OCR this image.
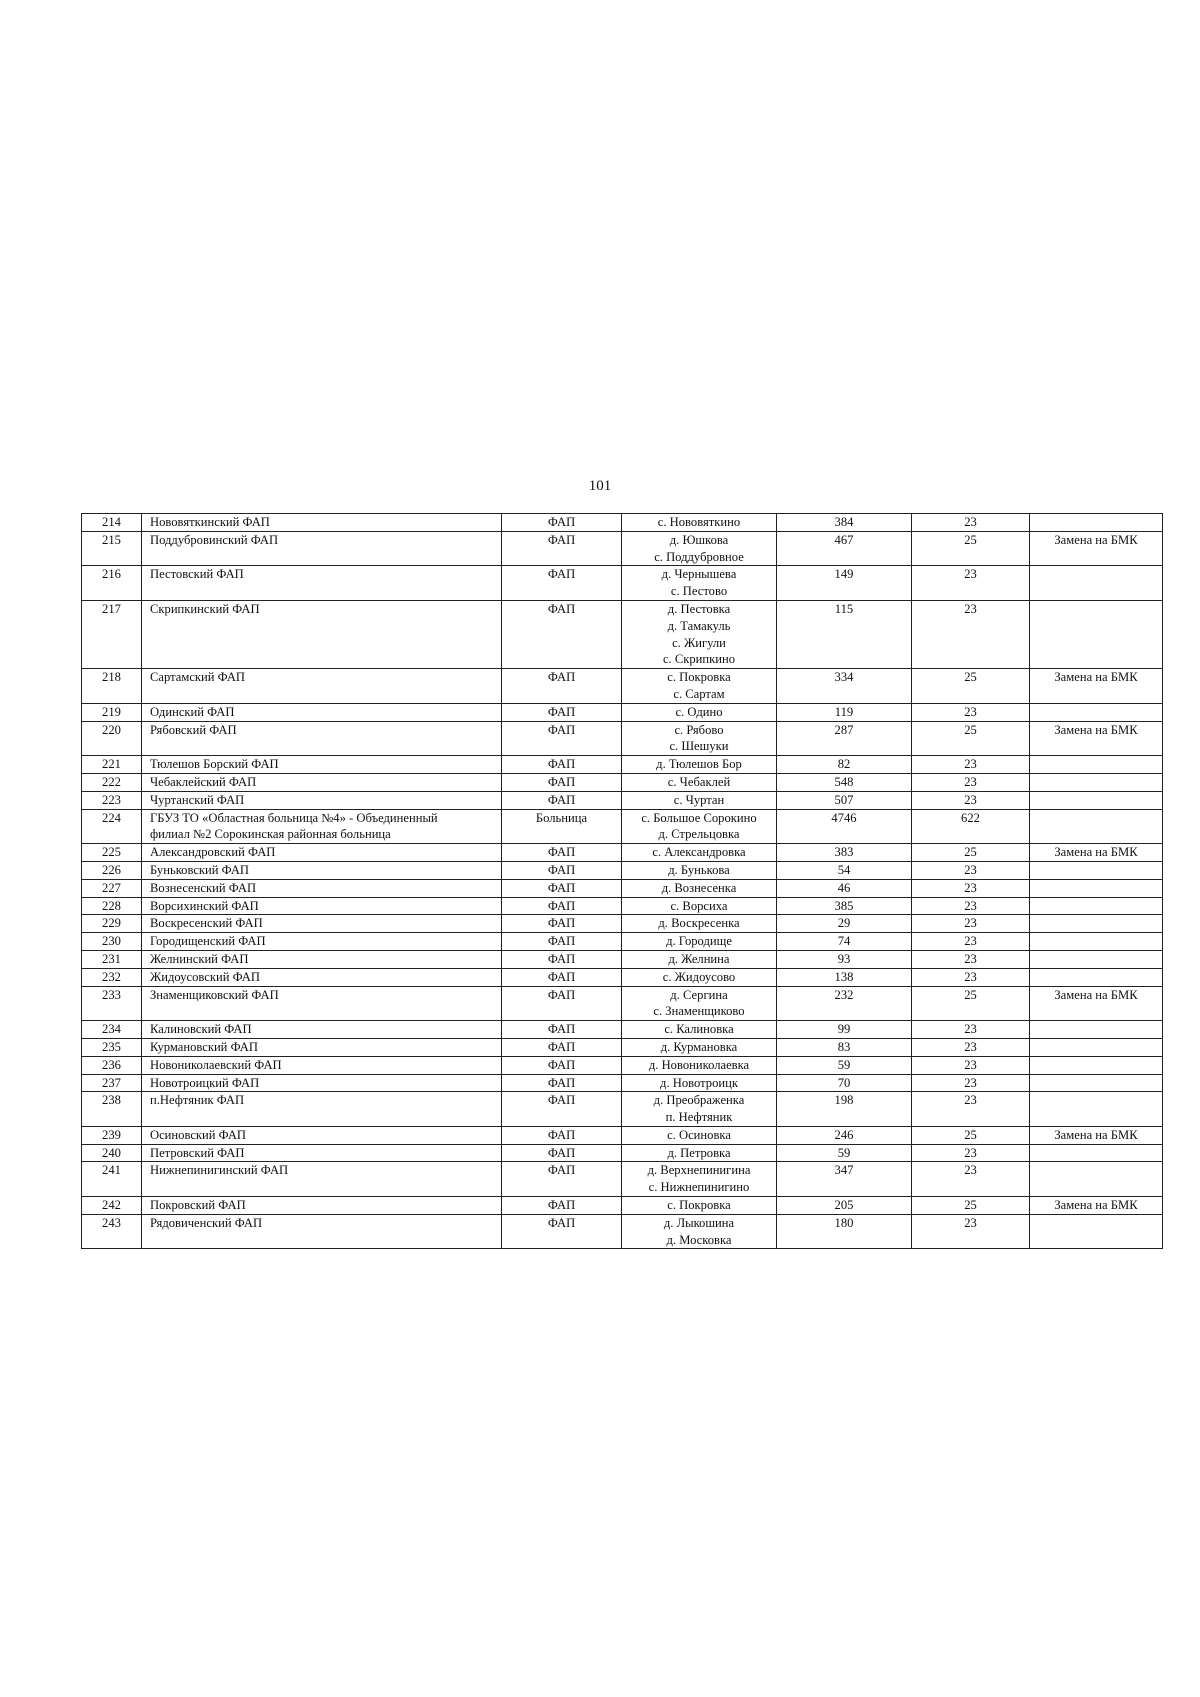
101
214	Нововяткинский ФАП	ФАП	с. Нововяткино	384	23	
215	Поддубровинский ФАП	ФАП	д. Юшкова
с. Поддубровное	467	25	Замена на БМК
216	Пестовский ФАП	ФАП	д. Чернышева
с. Пестово	149	23	
217	Скрипкинский ФАП	ФАП	д. Пестовка
д. Тамакуль
с. Жигули
с. Скрипкино	115	23	
218	Сартамский ФАП	ФАП	с. Покровка
с. Сартам	334	25	Замена на БМК
219	Одинский ФАП	ФАП	с. Одино	119	23	
220	Рябовский ФАП	ФАП	с. Рябово
с. Шешуки	287	25	Замена на БМК
221	Тюлешов Борский ФАП	ФАП	д. Тюлешов Бор	82	23	
222	Чебаклейский ФАП	ФАП	с. Чебаклей	548	23	
223	Чуртанский ФАП	ФАП	с. Чуртан	507	23	
224	ГБУЗ ТО «Областная больница №4» - Объединенный
филиал №2 Сорокинская районная больница	Больница	с. Большое Сорокино
д. Стрельцовка	4746	622	
225	Александровский ФАП	ФАП	с. Александровка	383	25	Замена на БМК
226	Буньковский ФАП	ФАП	д. Бунькова	54	23	
227	Вознесенский ФАП	ФАП	д. Вознесенка	46	23	
228	Ворсихинский ФАП	ФАП	с. Ворсиха	385	23	
229	Воскресенский ФАП	ФАП	д. Воскресенка	29	23	
230	Городищенский ФАП	ФАП	д. Городище	74	23	
231	Желнинский ФАП	ФАП	д. Желнина	93	23	
232	Жидоусовский ФАП	ФАП	с. Жидоусово	138	23	
233	Знаменщиковский ФАП	ФАП	д. Сергина
с. Знаменщиково	232	25	Замена на БМК
234	Калиновский ФАП	ФАП	с. Калиновка	99	23	
235	Курмановский ФАП	ФАП	д. Курмановка	83	23	
236	Новониколаевский ФАП	ФАП	д. Новониколаевка	59	23	
237	Новотроицкий ФАП	ФАП	д. Новотроицк	70	23	
238	п.Нефтяник ФАП	ФАП	д. Преображенка
п. Нефтяник	198	23	
239	Осиновский ФАП	ФАП	с. Осиновка	246	25	Замена на БМК
240	Петровский ФАП	ФАП	д. Петровка	59	23	
241	Нижнепинигинский ФАП	ФАП	д. Верхнепинигина
с. Нижнепинигино	347	23	
242	Покровский ФАП	ФАП	с. Покровка	205	25	Замена на БМК
243	Рядовиченский ФАП	ФАП	д. Лыкошина
д. Московка	180	23	
